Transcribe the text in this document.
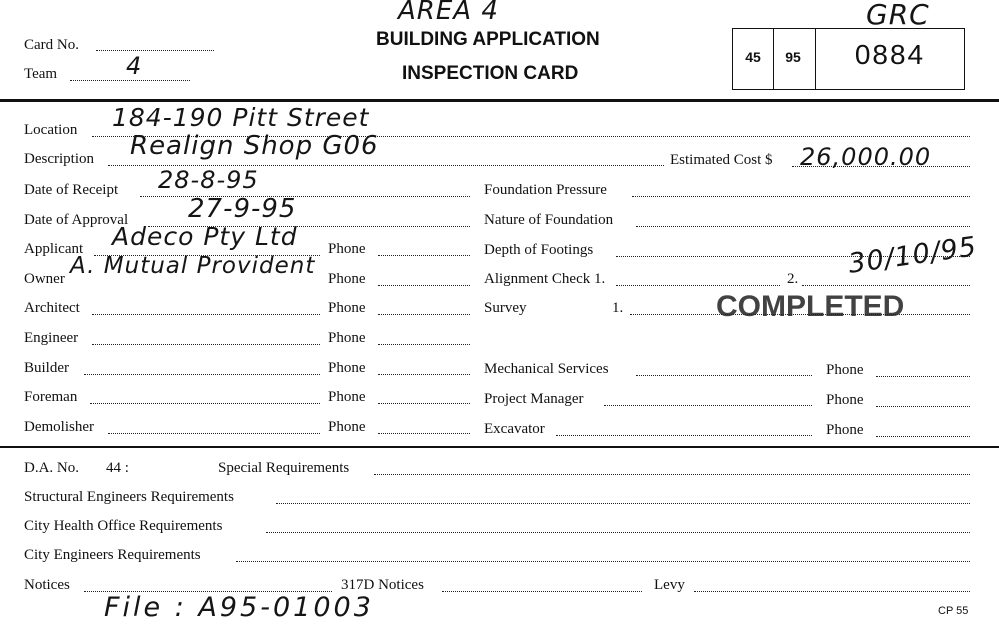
AREA 4	GRC
Card No.
Team	4
BUILDING APPLICATION
INSPECTION CARD
45	95	0884
Location 184-190 Pitt Street
Description Realign Shop G06	Estimated Cost $ 26,000.00
Date of Receipt 28-8-95
Date of Approval 27-9-95
Applicant Adeco Pty Ltd Phone
Owner A. Mutual Provident Phone
Architect	Phone
Engineer	Phone
Builder	Phone
Foreman	Phone
Demolisher	Phone
Foundation Pressure
Nature of Foundation
Depth of Footings
Alignment Check 1.	2. 30/10/95
Survey	1.	COMPLETED
Mechanical Services	Phone
Project Manager	Phone
Excavator	Phone
D.A. No. 44 :	Special Requirements
Structural Engineers Requirements
City Health Office Requirements
City Engineers Requirements
Notices	317D Notices	Levy
File : A95-01003	CP 55
